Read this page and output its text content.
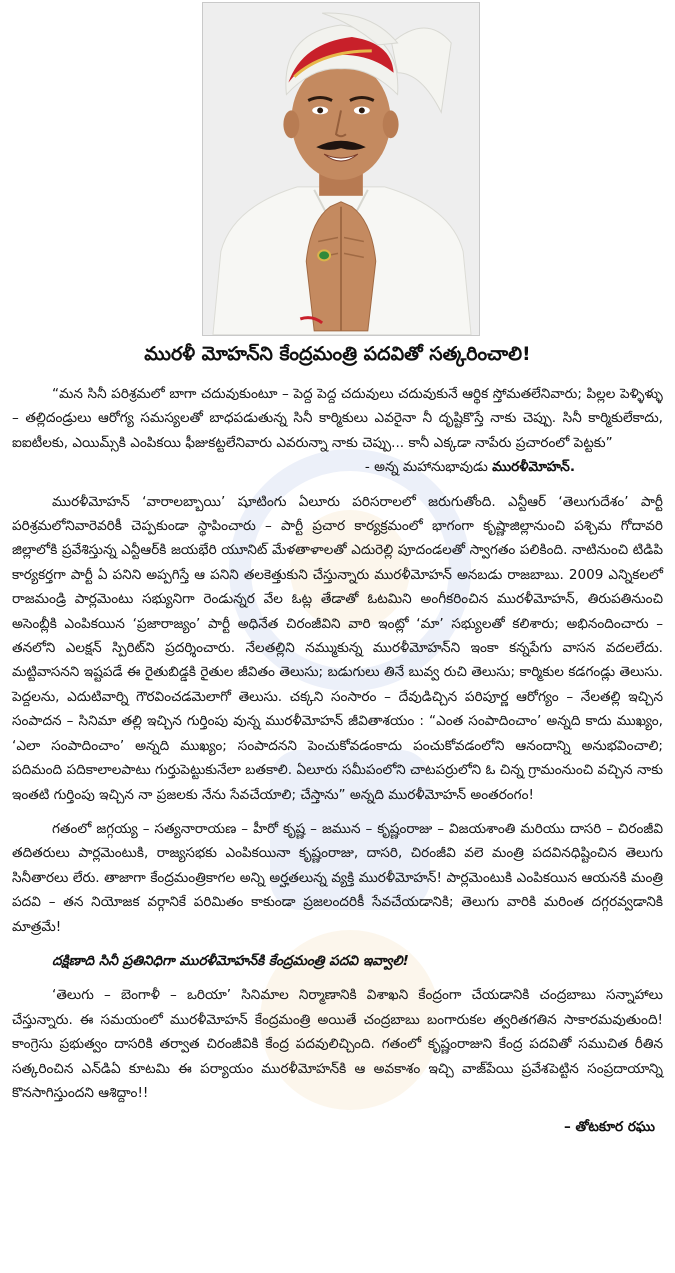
మురళీ మోహన్‌ని కేంద్రమంత్రి పదవితో సత్కరించాలి!

“మన సినీ పరిశ్రమలో బాగా చదువుకుంటూ – పెద్ద పెద్ద చదువులు చదువుకునే ఆర్థిక స్తోమతలేనివారు; పిల్లల పెళ్ళిళ్ళు – తల్లిదండ్రులు ఆరోగ్య సమస్యలతో బాధపడుతున్న సినీ కార్మికులు ఎవరైనా నీ దృష్టికొస్తే నాకు చెప్పు. సినీ కార్మికులేకాదు, ఐఐటీలకు, ఎయిమ్స్‌కి ఎంపికయి ఫీజుకట్టలేనివారు ఎవరున్నా నాకు చెప్పు... కానీ ఎక్కడా నాపేరు ప్రచారంలో పెట్టకు”

- అన్న మహానుభావుడు మురళీమోహన్.

మురళీమోహన్ ‘వారాలబ్బాయి’ షూటింగు ఏలూరు పరిసరాలలో జరుగుతోంది. ఎన్టీఆర్ ‘తెలుగుదేశం’ పార్టీ పరిశ్రమలోనివారెవరికీ చెప్పకుండా స్థాపించారు – పార్టీ ప్రచార కార్యక్రమంలో భాగంగా కృష్ణాజిల్లానుంచి పశ్చిమ గోదావరి జిల్లాలోకి ప్రవేశిస్తున్న ఎన్టీఆర్‌కి జయభేరి యూనిట్ మేళతాళాలతో ఎదురెల్లి పూదండలతో స్వాగతం పలికింది. నాటినుంచి టిడిపి కార్యకర్తగా పార్టీ ఏ పనిని అప్పగిస్తే ఆ పనిని తలకెత్తుకుని చేస్తున్నారు మురళీమోహన్ అనబడు రాజబాబు. 2009 ఎన్నికలలో రాజమండ్రి పార్లమెంటు సభ్యునిగా రెండున్నర వేల ఓట్ల తేడాతో ఓటమిని అంగీకరించిన మురళీమోహన్, తిరుపతినుంచి అసెంబ్లీకి ఎంపికయిన ‘ప్రజారాజ్యం’ పార్టీ అధినేత చిరంజీవిని వారి ఇంట్లో ‘మా’ సభ్యులతో కలిశారు; అభినందించారు – తనలోని ఎలక్షన్ స్పిరిట్‌ని ప్రదర్శించారు. నేలతల్లిని నమ్ముకున్న మురళీమోహన్‌ని ఇంకా కన్నపేగు వాసన వదలలేదు. మట్టివాసనని ఇష్టపడే ఈ రైతుబిడ్డకి రైతుల జీవితం తెలుసు; బడుగులు తినే బువ్వ రుచి తెలుసు; కార్మికుల కడగండ్లు తెలుసు. పెద్దలను, ఎదుటివార్ని గౌరవించడమెలాగో తెలుసు. చక్కని సంసారం – దేవుడిచ్చిన పరిపూర్ణ ఆరోగ్యం – నేలతల్లి ఇచ్చిన సంపాదన – సినిమా తల్లి ఇచ్చిన గుర్తింపు వున్న మురళీమోహన్ జీవితాశయం : “ఎంత సంపాదించాం’ అన్నది కాదు ముఖ్యం, ‘ఎలా సంపాదించాం’ అన్నది ముఖ్యం; సంపాదనని పెంచుకోవడంకాదు పంచుకోవడంలోని ఆనందాన్ని అనుభవించాలి; పదిమంది పదికాలాలపాటు గుర్తుపెట్టుకునేలా బతకాలి. ఏలూరు సమీపంలోని చాటపర్రులోని ఓ చిన్న గ్రామంనుంచి వచ్చిన నాకు ఇంతటి గుర్తింపు ఇచ్చిన నా ప్రజలకు నేను సేవచేయాలి; చేస్తాను” అన్నది మురళీమోహన్ అంతరంగం!

గతంలో జగ్గయ్య – సత్యనారాయణ – హీరో కృష్ణ – జమున – కృష్ణంరాజు – విజయశాంతి మరియు దాసరి – చిరంజీవి తదితరులు పార్లమెంటుకి, రాజ్యసభకు ఎంపికయినా కృష్ణంరాజు, దాసరి, చిరంజీవి వలె మంత్రి పదవినధిష్టించిన తెలుగు సినీతారలు లేరు. తాజాగా కేంద్రమంత్రికాగల అన్ని అర్హతలున్న వ్యక్తి మురళీమోహన్! పార్లమెంటుకి ఎంపికయిన ఆయనకి మంత్రి పదవి – తన నియోజక వర్గానికే పరిమితం కాకుండా ప్రజలందరికీ సేవచేయడానికి; తెలుగు వారికి మరింత దగ్గరవ్వడానికి మాత్రమే!

దక్షిణాది సినీ ప్రతినిధిగా మురళీమోహన్‌కి కేంద్రమంత్రి పదవి ఇవ్వాలి!

‘తెలుగు – బెంగాళీ – ఒరియా’ సినిమాల నిర్మాణానికి విశాఖని కేంద్రంగా చేయడానికి చంద్రబాబు సన్నాహాలు చేస్తున్నారు. ఈ సమయంలో మురళీమోహన్ కేంద్రమంత్రి అయితే చంద్రబాబు బంగారుకల త్వరితగతిన సాకారమవుతుంది! కాంగ్రెసు ప్రభుత్వం దాసరికి తర్వాత చిరంజీవికి కేంద్ర పదవులిచ్చింది. గతంలో కృష్ణంరాజుని కేంద్ర పదవితో సముచిత రీతిన సత్కరించిన ఎన్‌డిఏ కూటమి ఈ పర్యాయం మురళీమోహన్‌కి ఆ అవకాశం ఇచ్చి వాజ్‌పేయి ప్రవేశపెట్టిన సంప్రదాయాన్ని కొనసాగిస్తుందని ఆశిద్దాం!!

– తోటకూర రఘు
